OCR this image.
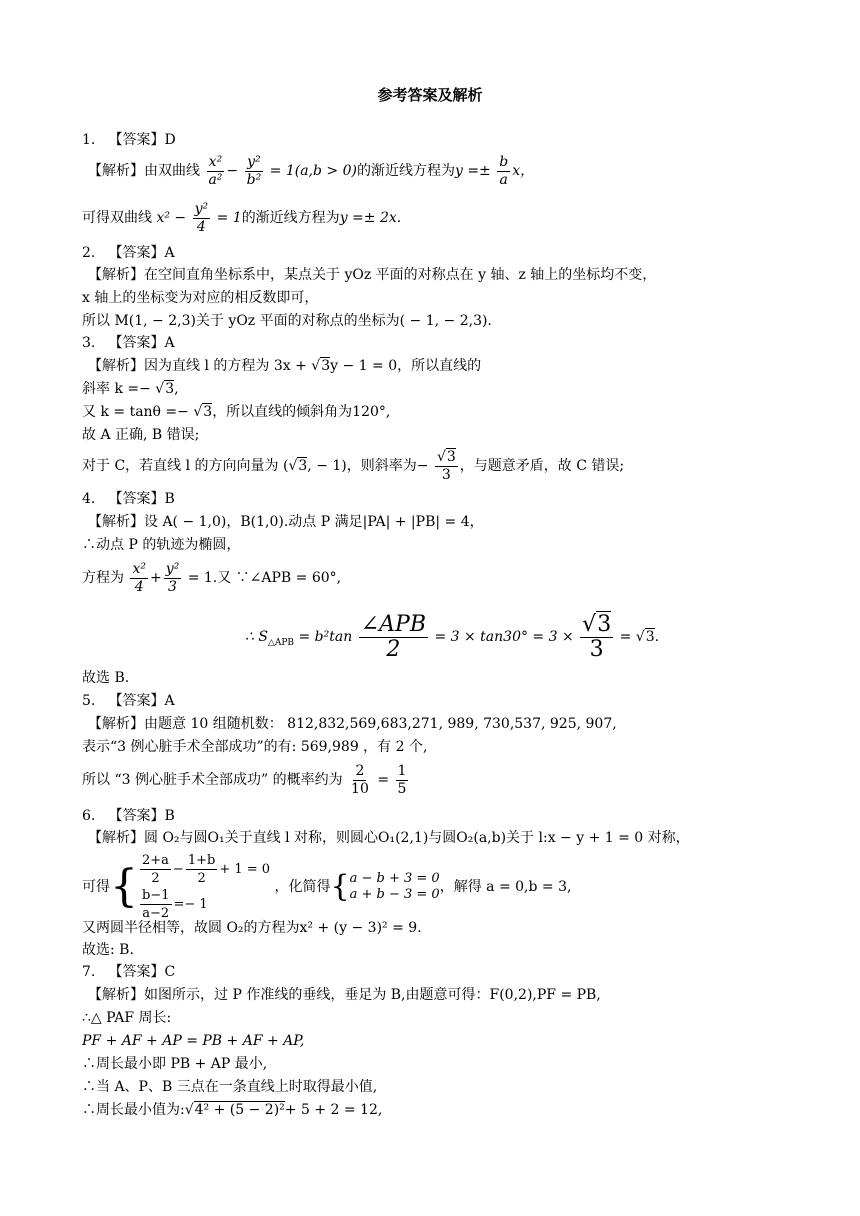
参考答案及解析
1. 【答案】D
【解析】由双曲线 $\frac{\text{x²}}{\text{a²}} - \frac{\text{y²}}{\text{b²}} = 1(a,b > 0)$的渐近线方程为$y =\pm \frac{b}{a}$ x，
可得双曲线 $x^2 - \frac{\text{y²}}{4} = 1$的渐近线方程为y =± 2x.
2. 【答案】A
【解析】在空间直角坐标系中，某点关于 yOz 平面的对称点在 y 轴、z 轴上的坐标均不变，
x 轴上的坐标变为对应的相反数即可，
所以 M(1, − 2,3)关于 yOz 平面的对称点的坐标为( − 1, − 2,3).
3. 【答案】A
【解析】因为直线 l 的方程为 3x + √3y − 1 = 0，所以直线的
斜率 k =− √3,
又 k = tanθ =− √3，所以直线的倾斜角为120°,
故 A 正确, B 错误;
对于 C，若直线 l 的方向向量为 (√3, − 1)，则斜率为− $\frac{√3}{3}$ ，与题意矛盾，故 C 错误;
4. 【答案】B
【解析】设 A( − 1,0)，B(1,0).动点 P 满足|PA| + |PB| = 4，
∴动点 P 的轨迹为椭圆，
方程为 $\frac{\text{x²}}{4} + \frac{\text{y²}}{3} = 1$.又 ∵∠APB = 60°,
∴ $S_{\triangle APB} = b^2\tan \frac{\text{∠APB}}{2} = 3 \times \tan 30^\circ = 3 \times \frac{√3}{3} = √3$.
故选 B.
5. 【答案】A
【解析】由题意 10 组随机数： 812,832,569,683,271, 989, 730,537, 925, 907,
表示“3 例心脏手术全部成功”的有: 569,989 ，有 2 个,
所以 “3 例心脏手术全部成功” 的概率约为 $\frac{2}{10} = \frac{1}{5}$
6. 【答案】B
【解析】圆 O₂与圆O₁关于直线 l 对称，则圆心O₁(2,1)与圆O₂(a,b)关于 l:x − y + 1 = 0 对称，
可得{ $\frac{2+a}{2} - \frac{1+b}{2} + 1 = 0$
$\frac{b-1}{a-2} =- 1$
，化简得{ a − b + 3 = 0
a + b − 3 = 0 ，解得 a = 0,b = 3,
又两圆半径相等，故圆 O₂的方程为x² + (y − 3)² = 9.
故选: B.
7. 【答案】C
【解析】如图所示，过 P 作准线的垂线，垂足为 B,由题意可得：F(0,2),PF = PB,
∴△ PAF 周长:
PF + AF + AP = PB + AF + AP,
∴周长最小即 PB + AP 最小,
∴当 A、P、B 三点在一条直线上时取得最小值,
∴周长最小值为:√4² + (5 − 2)²+ 5 + 2 = 12,
